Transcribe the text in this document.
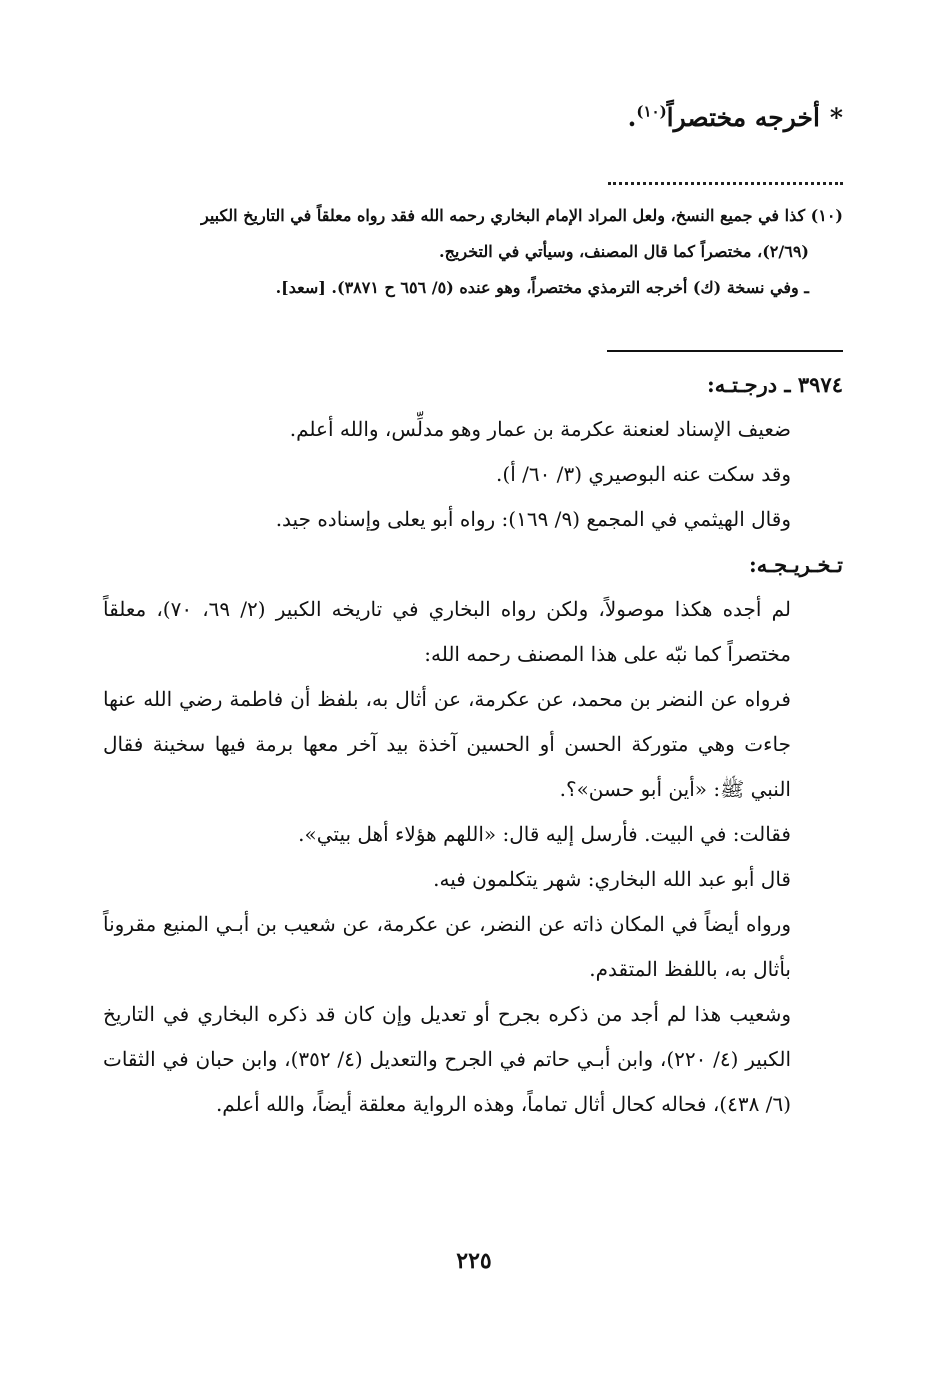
*أخرجه مختصراً$^{(١٠)}$.

(١٠) كذا في جميع النسخ، ولعل المراد الإمام البخاري رحمه الله فقد رواه معلقاً في التاريخ الكبير

(٢/٦٩)، مختصراً كما قال المصنف، وسيأتي في التخريج.

ـ وفي نسخة (ك) أخرجه الترمذي مختصراً، وهو عنده (٥/ ٦٥٦ ح ٣٨٧١). [سعد].

٣٩٧٤ ـ درجـتـه:

ضعيف الإسناد لعنعنة عكرمة بن عمار وهو مدلِّس، والله أعلم.

وقد سكت عنه البوصيري (٣/ ٦٠/ أ).

وقال الهيثمي في المجمع (٩/ ١٦٩): رواه أبو يعلى وإسناده جيد.

تـخـريـجـه:

لم أجده هكذا موصولاً، ولكن رواه البخاري في تاريخه الكبير (٢/ ٦٩، ٧٠)، معلقاً مختصراً كما نبّه على هذا المصنف رحمه الله:

فرواه عن النضر بن محمد، عن عكرمة، عن أثال به، بلفظ أن فاطمة رضي الله عنها جاءت وهي متوركة الحسن أو الحسين آخذة بيد آخر معها برمة فيها سخينة فقال النبي ﷺ: «أين أبو حسن»؟.

فقالت: في البيت. فأرسل إليه قال: «اللهم هؤلاء أهل بيتي».

قال أبو عبد الله البخاري: شهر يتكلمون فيه.

ورواه أيضاً في المكان ذاته عن النضر، عن عكرمة، عن شعيب بن أبـي المنيع مقروناً بأثال به، باللفظ المتقدم.

وشعيب هذا لم أجد من ذكره بجرح أو تعديل وإن كان قد ذكره البخاري في التاريخ الكبير (٤/ ٢٢٠)، وابن أبـي حاتم في الجرح والتعديل (٤/ ٣٥٢)، وابن حبان في الثقات (٦/ ٤٣٨)، فحاله كحال أثال تماماً، وهذه الرواية معلقة أيضاً، والله أعلم.

٢٢٥
